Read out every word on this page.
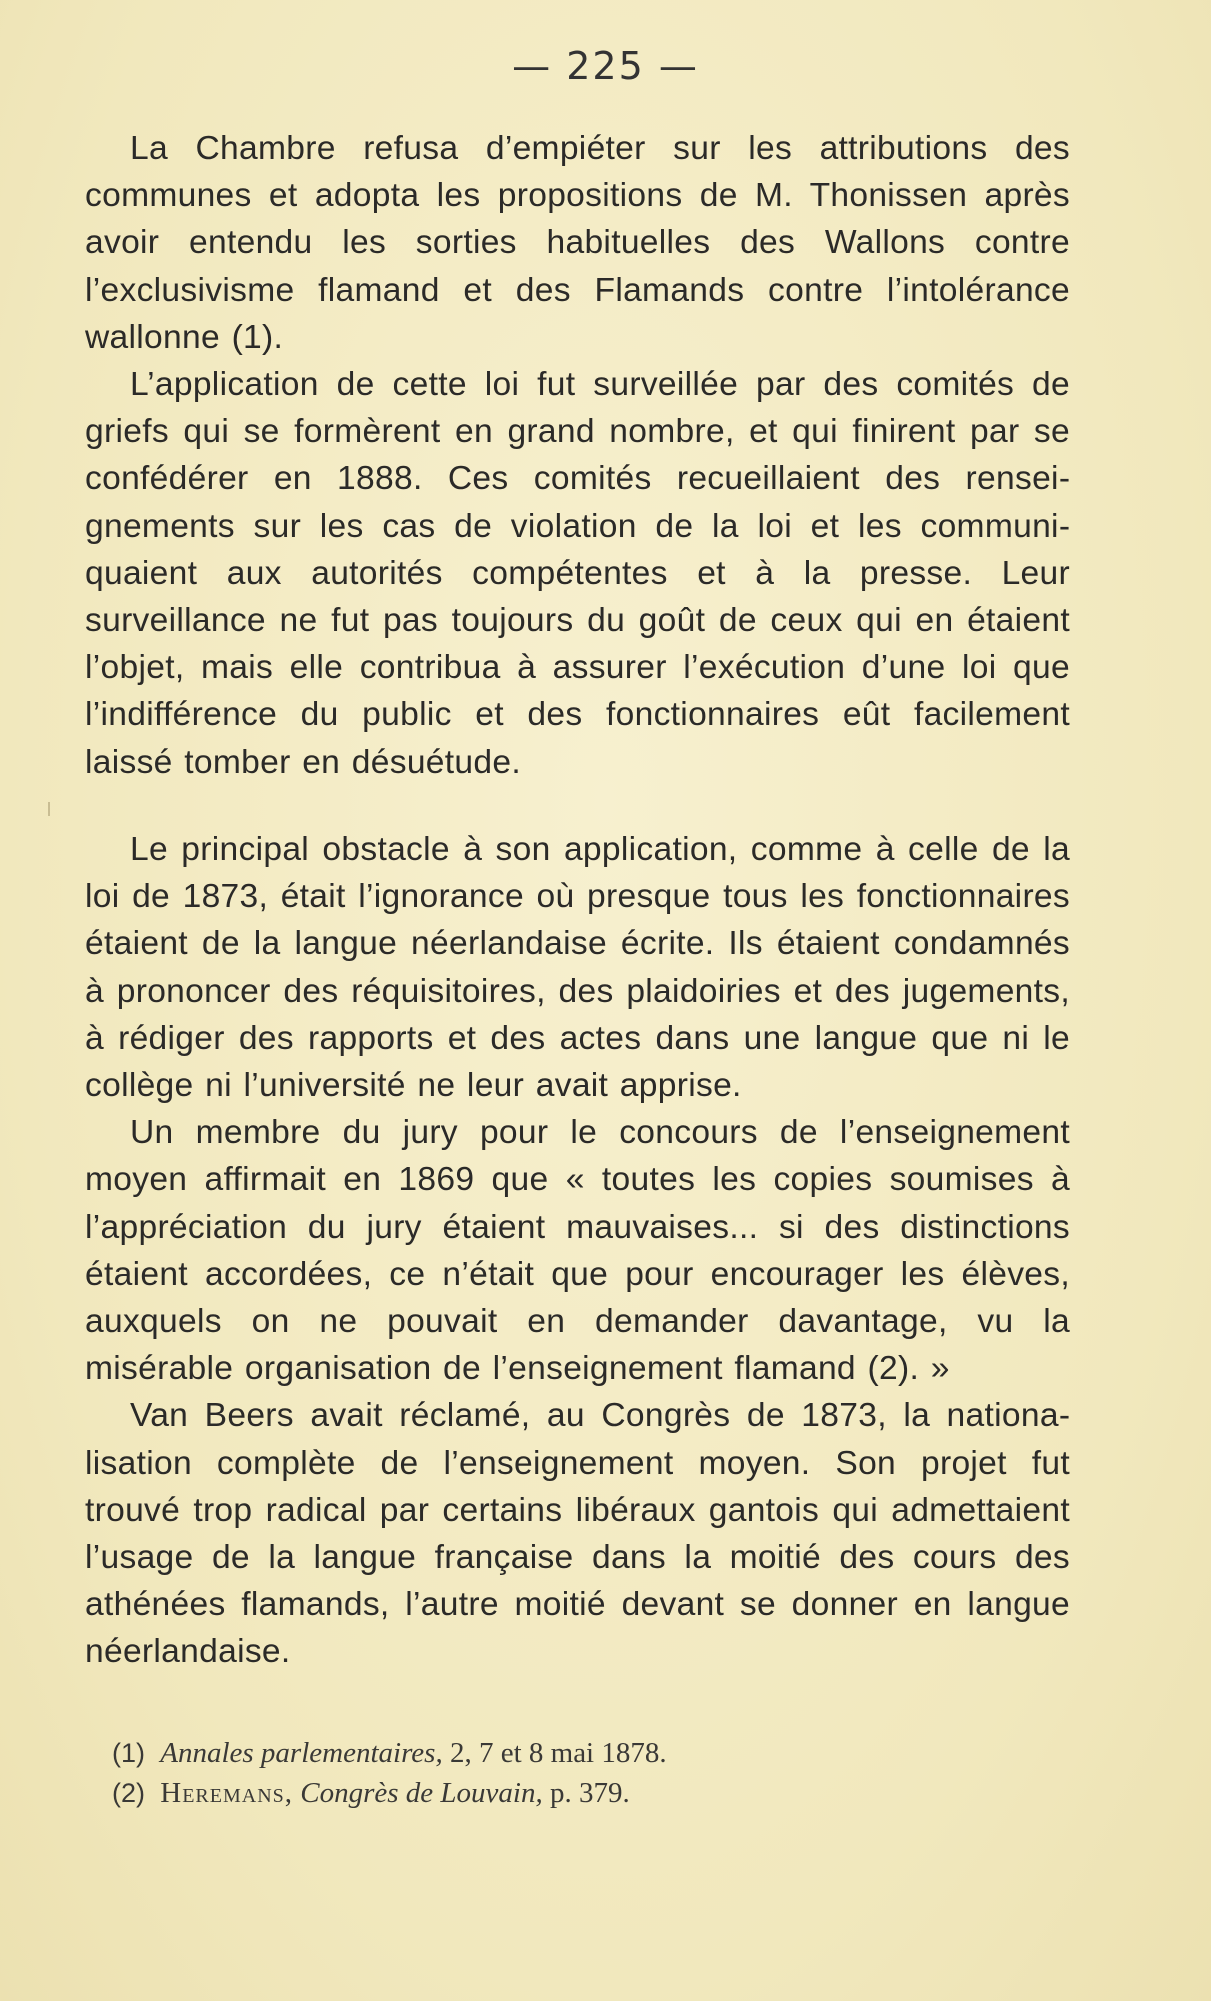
— 225 —

La Chambre refusa d’empiéter sur les attributions des communes et adopta les propositions de M. Thonissen après avoir entendu les sorties habituelles des Wallons contre l’exclusivisme flamand et des Flamands contre l’intolérance wallonne (1).

L’application de cette loi fut surveillée par des comités de griefs qui se formèrent en grand nombre, et qui finirent par se confédérer en 1888. Ces comités recueillaient des renseignements sur les cas de violation de la loi et les communiquaient aux autorités compétentes et à la presse. Leur surveillance ne fut pas toujours du goût de ceux qui en étaient l’objet, mais elle contribua à assurer l’exécution d’une loi que l’indifférence du public et des fonctionnaires eût facilement laissé tomber en désuétude.

Le principal obstacle à son application, comme à celle de la loi de 1873, était l’ignorance où presque tous les fonctionnaires étaient de la langue néerlandaise écrite. Ils étaient condamnés à prononcer des réquisitoires, des plaidoiries et des jugements, à rédiger des rapports et des actes dans une langue que ni le collège ni l’université ne leur avait apprise.

Un membre du jury pour le concours de l’enseignement moyen affirmait en 1869 que « toutes les copies soumises à l’appréciation du jury étaient mauvaises... si des distinctions étaient accordées, ce n’était que pour encourager les élèves, auxquels on ne pouvait en demander davantage, vu la misérable organisation de l’enseignement flamand (2). »

Van Beers avait réclamé, au Congrès de 1873, la nationalisation complète de l’enseignement moyen. Son projet fut trouvé trop radical par certains libéraux gantois qui admettaient l’usage de la langue française dans la moitié des cours des athénées flamands, l’autre moitié devant se donner en langue néerlandaise.

(1) Annales parlementaires, 2, 7 et 8 mai 1878.
(2) Heremans, Congrès de Louvain, p. 379.
